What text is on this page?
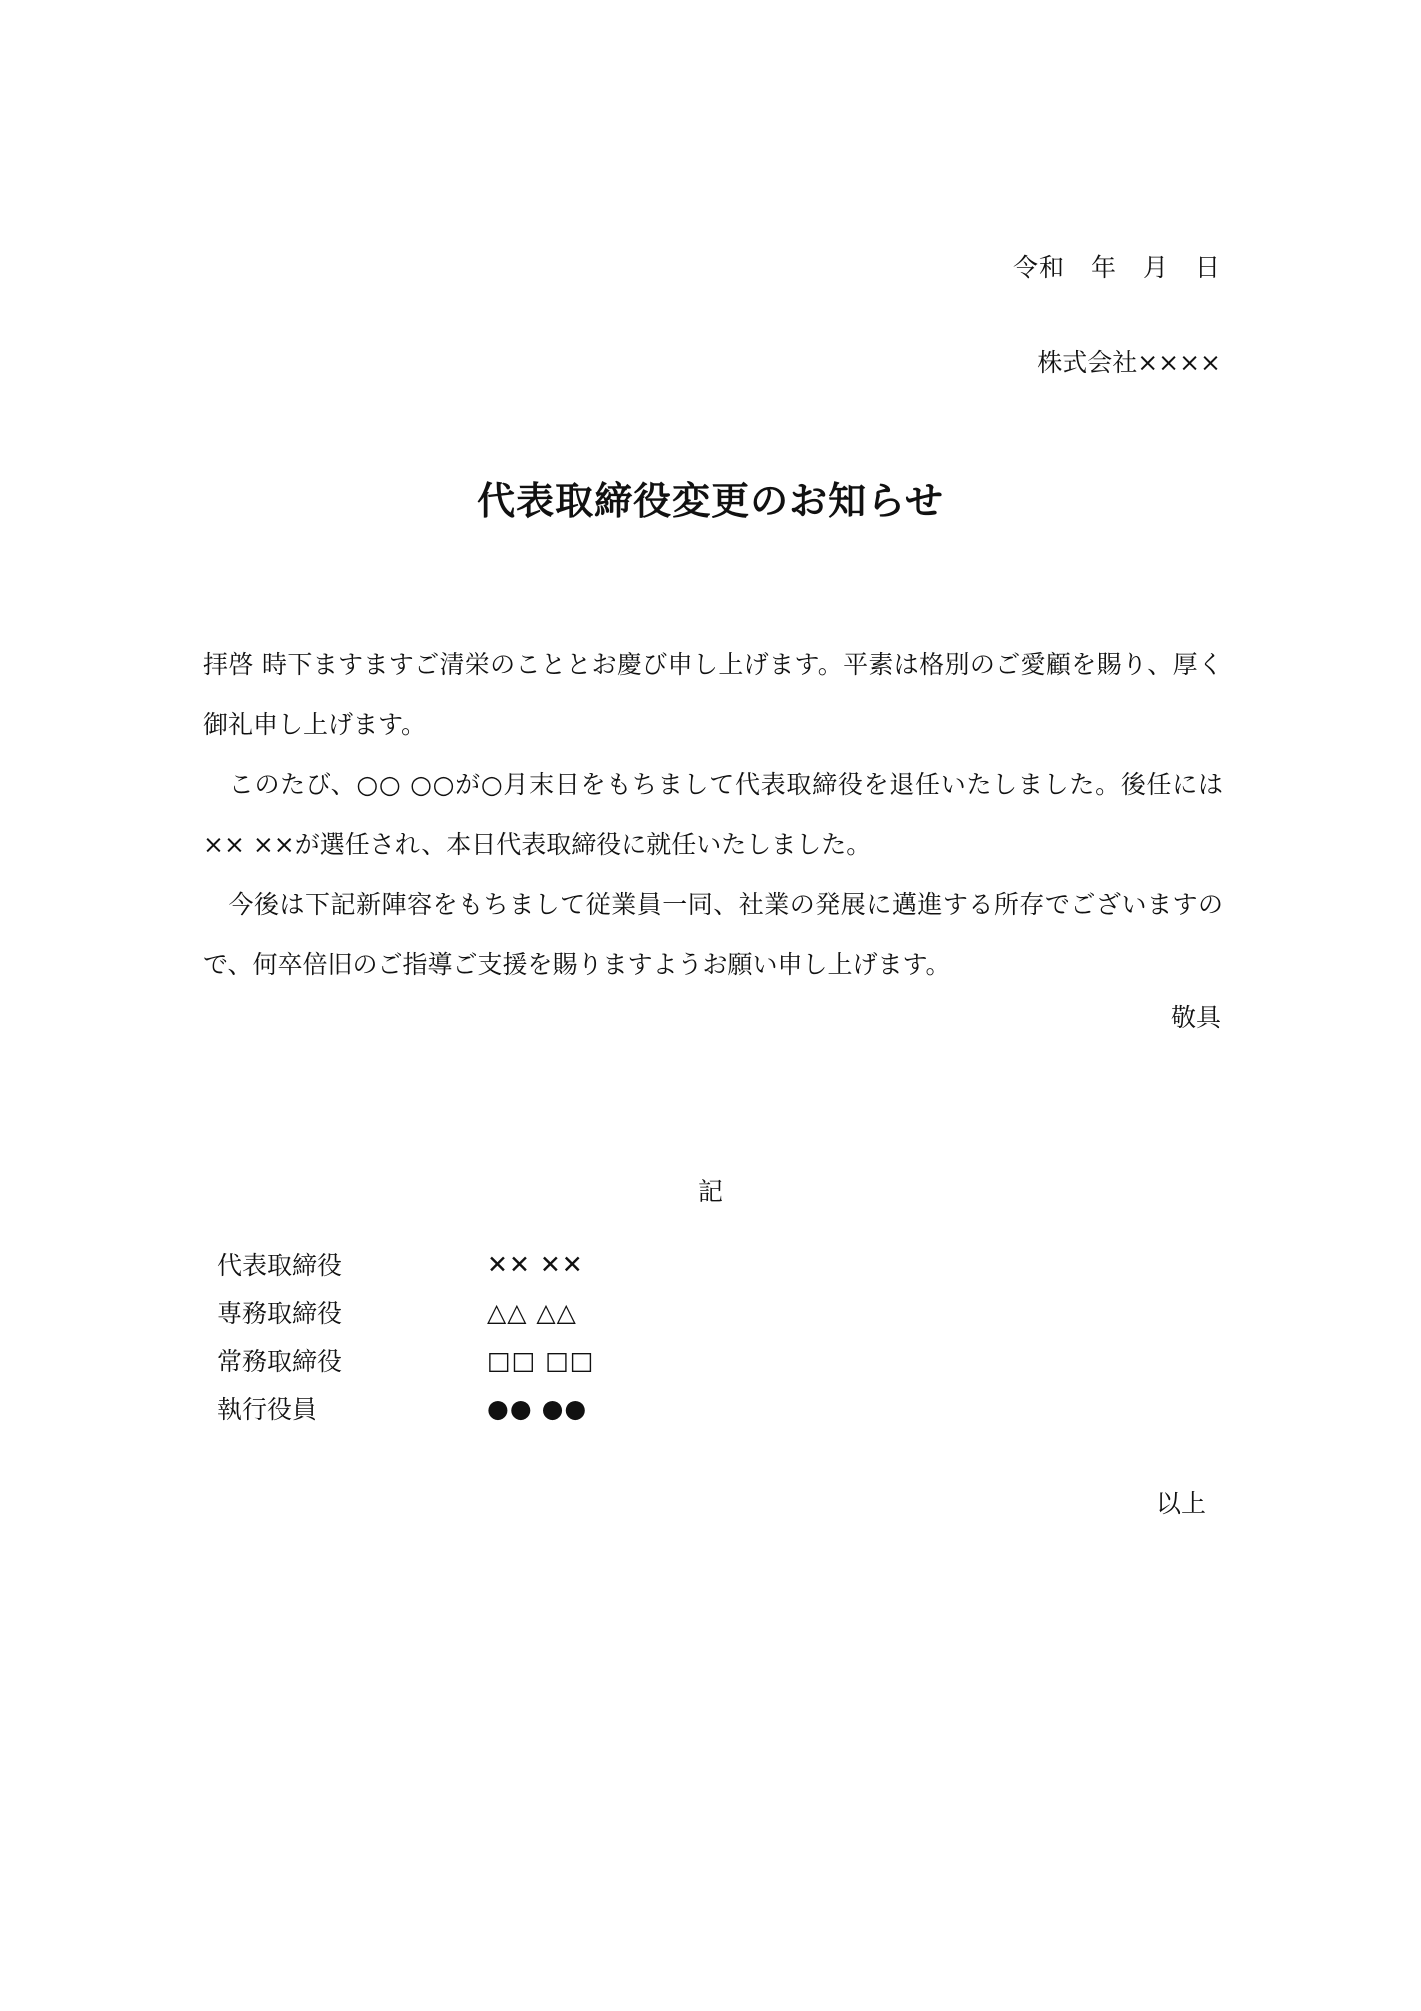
令和　年　月　日
株式会社××××
代表取締役変更のお知らせ

拝啓 時下ますますご清栄のこととお慶び申し上げます。平素は格別のご愛顧を賜り、厚く御礼申し上げます。

　このたび、○○ ○○が○月末日をもちまして代表取締役を退任いたしました。後任には×× ××が選任され、本日代表取締役に就任いたしました。

　今後は下記新陣容をもちまして従業員一同、社業の発展に邁進する所存でございますので、何卒倍旧のご指導ご支援を賜りますようお願い申し上げます。

敬具
記
代表取締役	✕✕ ✕✕
専務取締役	△△ △△
常務取締役	□□ □□
執行役員	●● ●●
以上
